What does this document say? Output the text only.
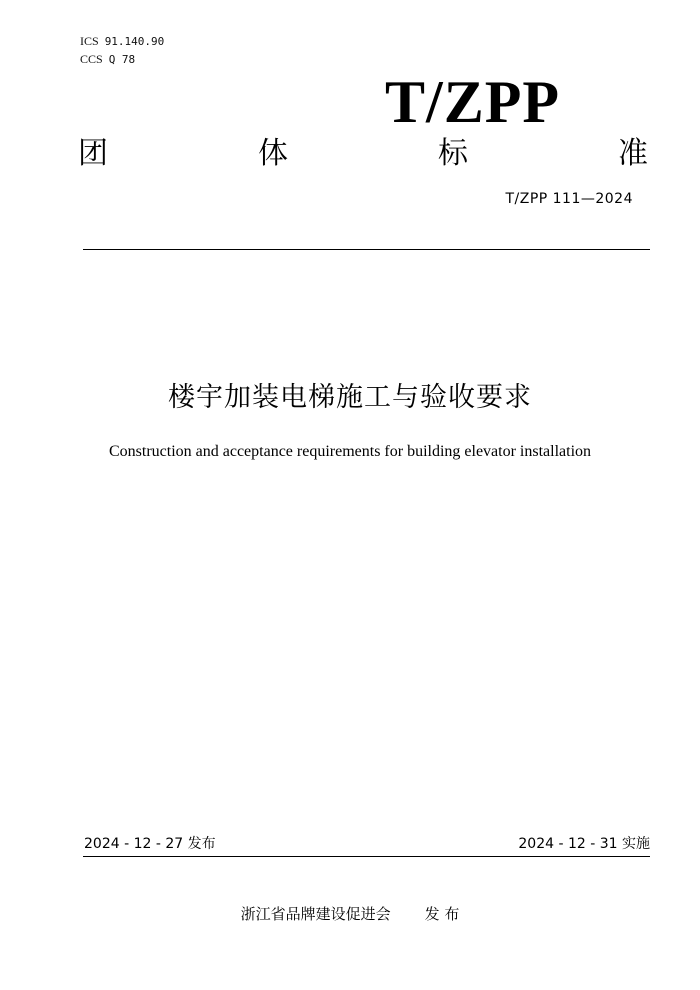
ICS 91.140.90
CCS Q 78
T/ZPP
团	体	标	准
T/ZPP 111—2024
楼宇加装电梯施工与验收要求
Construction and acceptance requirements for building elevator installation
2024 - 12 - 27 发布	2024 - 12 - 31 实施
浙江省品牌建设促进会 发 布
